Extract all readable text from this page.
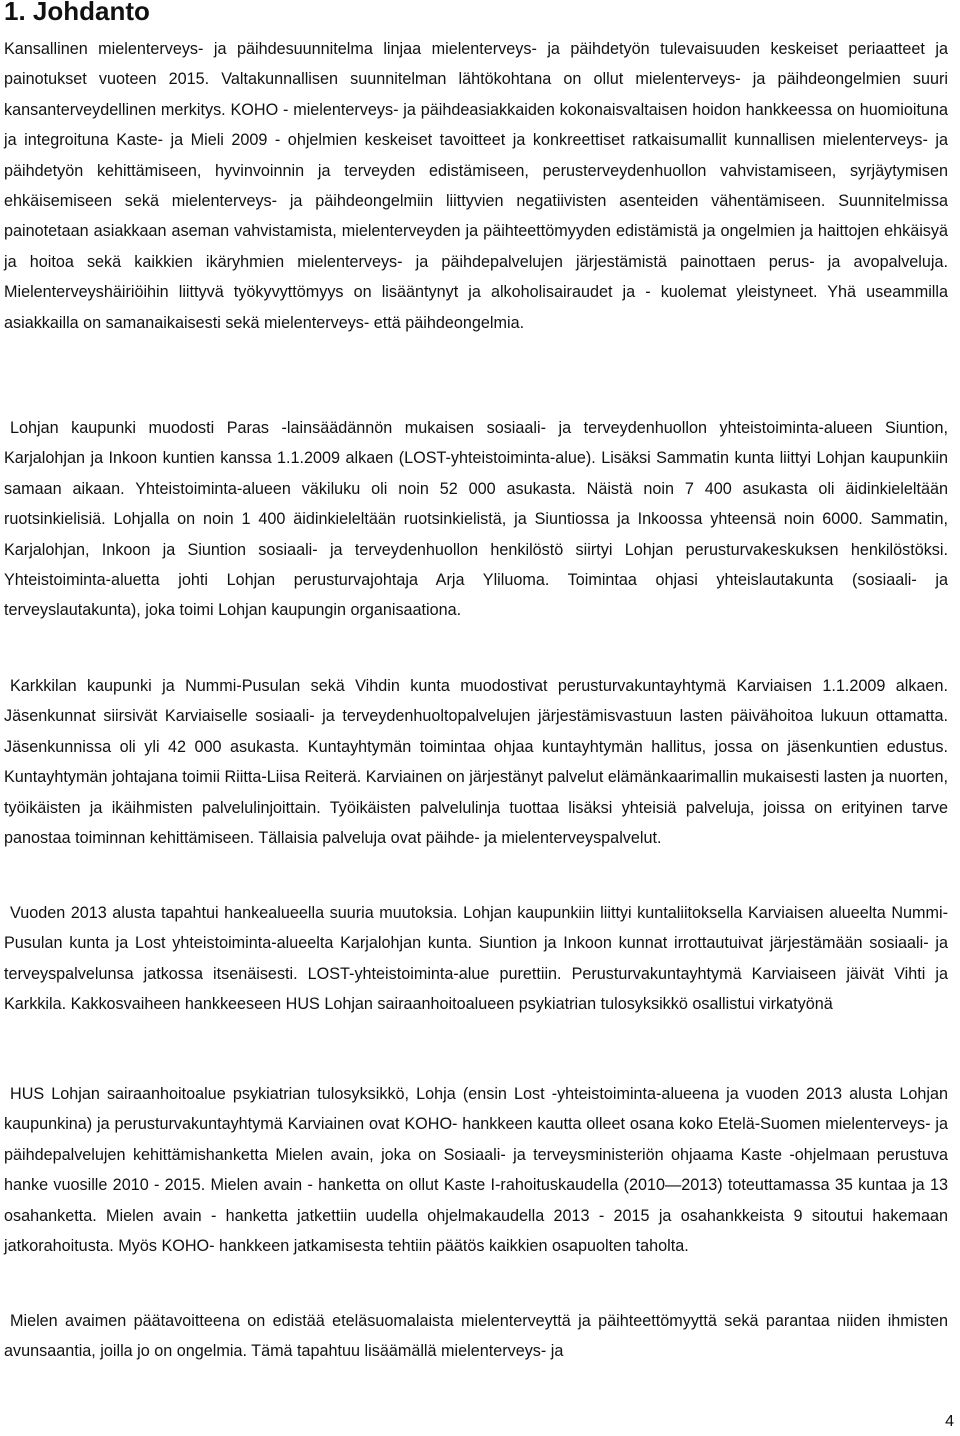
1. Johdanto

Kansallinen mielenterveys- ja päihdesuunnitelma linjaa mielenterveys- ja päihdetyön tulevaisuuden keskeiset periaatteet ja painotukset vuoteen 2015. Valtakunnallisen suunnitelman lähtökohtana on ollut mielenterveys- ja päihdeongelmien suuri kansanterveydellinen merkitys. KOHO - mielenterveys- ja päihdeasiakkaiden kokonaisvaltaisen hoidon hankkeessa on huomioituna ja integroituna Kaste- ja Mieli 2009 - ohjelmien keskeiset tavoitteet ja konkreettiset ratkaisumallit kunnallisen mielenterveys- ja päihdetyön kehittämiseen, hyvinvoinnin ja terveyden edistämiseen, perusterveydenhuollon vahvistamiseen, syrjäytymisen ehkäisemiseen sekä mielenterveys- ja päihdeongelmiin liittyvien negatiivisten asenteiden vähentämiseen. Suunnitelmissa painotetaan asiakkaan aseman vahvistamista, mielenterveyden ja päihteettömyyden edistämistä ja ongelmien ja haittojen ehkäisyä ja hoitoa sekä kaikkien ikäryhmien mielenterveys- ja päihdepalvelujen järjestämistä painottaen perus- ja avopalveluja. Mielenterveyshäiriöihin liittyvä työkyvyttömyys on lisääntynyt ja alkoholisairaudet ja - kuolemat yleistyneet. Yhä useammilla asiakkailla on samanaikaisesti sekä mielenterveys- että päihdeongelmia.

Lohjan kaupunki muodosti Paras -lainsäädännön mukaisen sosiaali- ja terveydenhuollon yhteistoiminta-alueen Siuntion, Karjalohjan ja Inkoon kuntien kanssa 1.1.2009 alkaen (LOST-yhteistoiminta-alue). Lisäksi Sammatin kunta liittyi Lohjan kaupunkiin samaan aikaan. Yhteistoiminta-alueen väkiluku oli noin 52 000 asukasta. Näistä noin 7 400 asukasta oli äidinkieleltään ruotsinkielisiä. Lohjalla on noin 1 400 äidinkieleltään ruotsinkielistä, ja Siuntiossa ja Inkoossa yhteensä noin 6000. Sammatin, Karjalohjan, Inkoon ja Siuntion sosiaali- ja terveydenhuollon henkilöstö siirtyi Lohjan perusturvakeskuksen henkilöstöksi. Yhteistoiminta-aluetta johti Lohjan perusturvajohtaja Arja Yliluoma. Toimintaa ohjasi yhteislautakunta (sosiaali- ja terveyslautakunta), joka toimi Lohjan kaupungin organisaationa.

Karkkilan kaupunki ja Nummi-Pusulan sekä Vihdin kunta muodostivat perusturvakuntayhtymä Karviaisen 1.1.2009 alkaen. Jäsenkunnat siirsivät Karviaiselle sosiaali- ja terveydenhuoltopalvelujen järjestämisvastuun lasten päivähoitoa lukuun ottamatta. Jäsenkunnissa oli yli 42 000 asukasta. Kuntayhtymän toimintaa ohjaa kuntayhtymän hallitus, jossa on jäsenkuntien edustus. Kuntayhtymän johtajana toimii Riitta-Liisa Reiterä. Karviainen on järjestänyt palvelut elämänkaarimallin mukaisesti lasten ja nuorten, työikäisten ja ikäihmisten palvelulinjoittain. Työikäisten palvelulinja tuottaa lisäksi yhteisiä palveluja, joissa on erityinen tarve panostaa toiminnan kehittämiseen. Tällaisia palveluja ovat päihde- ja mielenterveyspalvelut.

Vuoden 2013 alusta tapahtui hankealueella suuria muutoksia. Lohjan kaupunkiin liittyi kuntaliitoksella Karviaisen alueelta Nummi-Pusulan kunta ja Lost yhteistoiminta-alueelta Karjalohjan kunta. Siuntion ja Inkoon kunnat irrottautuivat järjestämään sosiaali- ja terveyspalvelunsa jatkossa itsenäisesti. LOST-yhteistoiminta-alue purettiin. Perusturvakuntayhtymä Karviaiseen jäivät Vihti ja Karkkila. Kakkosvaiheen hankkeeseen HUS Lohjan sairaanhoitoalueen psykiatrian tulosyksikkö osallistui virkatyönä

HUS Lohjan sairaanhoitoalue psykiatrian tulosyksikkö, Lohja (ensin Lost -yhteistoiminta-alueena ja vuoden 2013 alusta Lohjan kaupunkina) ja perusturvakuntayhtymä Karviainen ovat KOHO- hankkeen kautta olleet osana koko Etelä-Suomen mielenterveys- ja päihdepalvelujen kehittämishanketta Mielen avain, joka on Sosiaali- ja terveysministeriön ohjaama Kaste -ohjelmaan perustuva hanke vuosille 2010 - 2015. Mielen avain - hanketta on ollut Kaste I-rahoituskaudella (2010—2013) toteuttamassa 35 kuntaa ja 13 osahanketta. Mielen avain - hanketta jatkettiin uudella ohjelmakaudella 2013 - 2015 ja osahankkeista 9 sitoutui hakemaan jatkorahoitusta. Myös KOHO- hankkeen jatkamisesta tehtiin päätös kaikkien osapuolten taholta.

Mielen avaimen päätavoitteena on edistää eteläsuomalaista mielenterveyttä ja päihteettömyyttä sekä parantaa niiden ihmisten avunsaantia, joilla jo on ongelmia. Tämä tapahtuu lisäämällä mielenterveys- ja

4
